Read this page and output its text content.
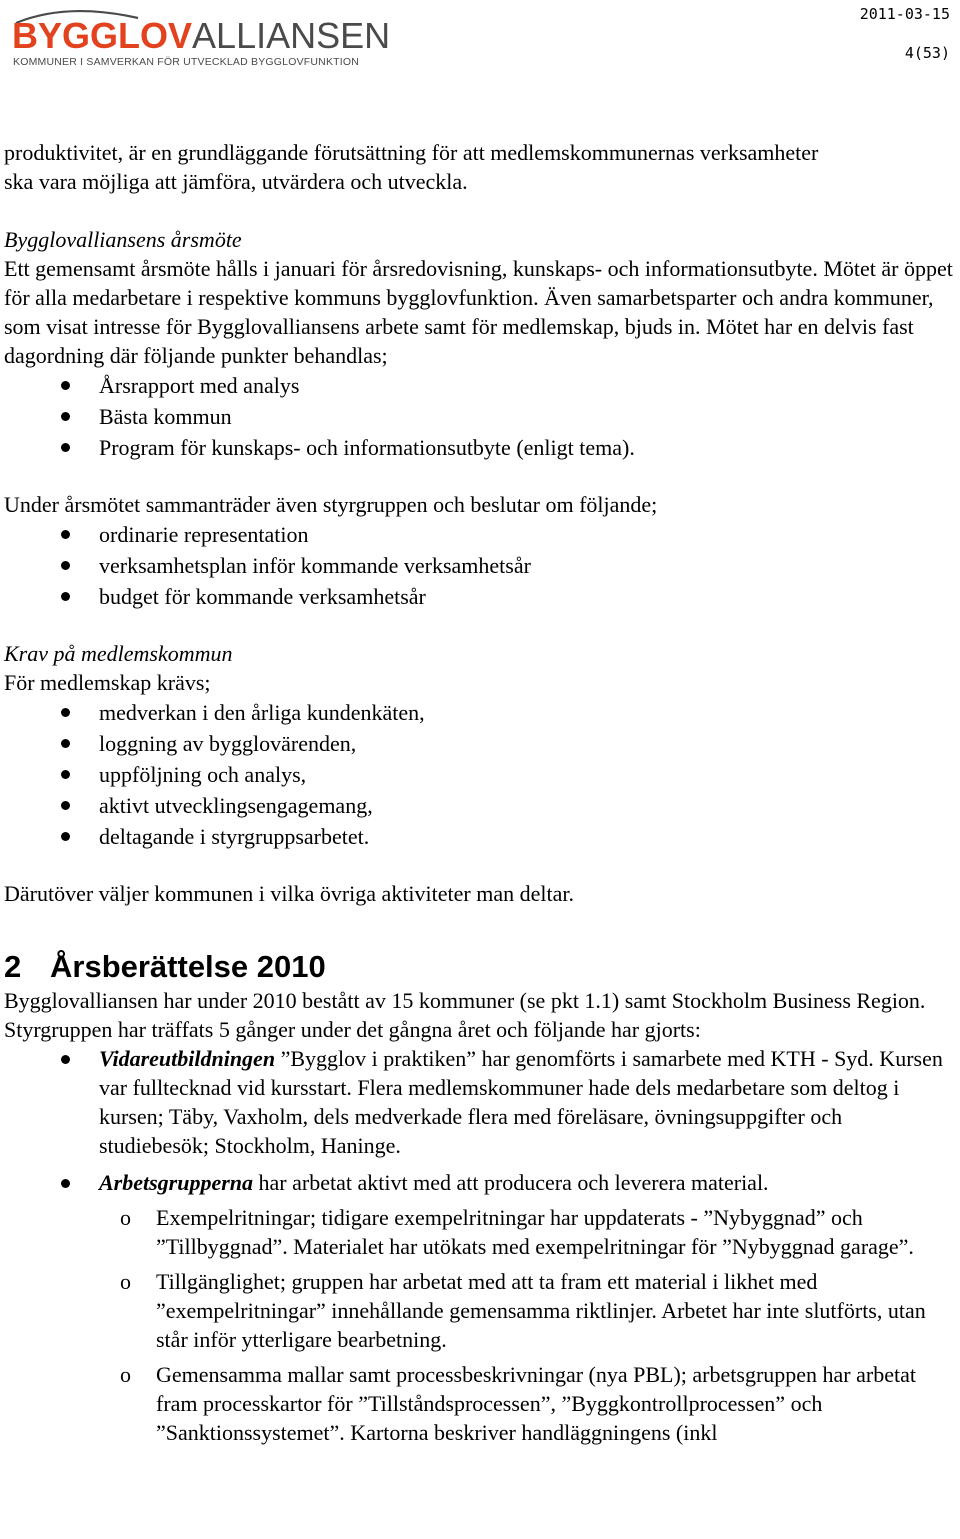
BYGGLOVALLIANSEN
KOMMUNER I SAMVERKAN FÖR UTVECKLAD BYGGLOVFUNKTION
2011-03-15
4(53)

produktivitet, är en grundläggande förutsättning för att medlemskommunernas verksamheter
ska vara möjliga att jämföra, utvärdera och utveckla.

Bygglovalliansens årsmöte

Ett gemensamt årsmöte hålls i januari för årsredovisning, kunskaps- och informationsutbyte. Mötet är öppet för alla medarbetare i respektive kommuns bygglovfunktion. Även samarbetsparter och andra kommuner, som visat intresse för Bygglovalliansens arbete samt för medlemskap, bjuds in. Mötet har en delvis fast dagordning där följande punkter behandlas;

Årsrapport med analys
Bästa kommun
Program för kunskaps- och informationsutbyte (enligt tema).

Under årsmötet sammanträder även styrgruppen och beslutar om följande;

ordinarie representation
verksamhetsplan inför kommande verksamhetsår
budget för kommande verksamhetsår

Krav på medlemskommun

För medlemskap krävs;

medverkan i den årliga kundenkäten,
loggning av bygglovärenden,
uppföljning och analys,
aktivt utvecklingsengagemang,
deltagande i styrgruppsarbetet.

Därutöver väljer kommunen i vilka övriga aktiviteter man deltar.

2 Årsberättelse 2010

Bygglovalliansen har under 2010 bestått av 15 kommuner (se pkt 1.1) samt Stockholm Business Region. Styrgruppen har träffats 5 gånger under det gångna året och följande har gjorts:

Vidareutbildningen ”Bygglov i praktiken” har genomförts i samarbete med KTH - Syd. Kursen var fulltecknad vid kursstart. Flera medlemskommuner hade dels medarbetare som deltog i kursen; Täby, Vaxholm, dels medverkade flera med föreläsare, övningsuppgifter och studiebesök; Stockholm, Haninge.
Arbetsgrupperna har arbetat aktivt med att producera och leverera material.
o Exempelritningar; tidigare exempelritningar har uppdaterats - ”Nybyggnad” och ”Tillbyggnad”. Materialet har utökats med exempelritningar för ”Nybyggnad garage”.
o Tillgänglighet; gruppen har arbetat med att ta fram ett material i likhet med ”exempelritningar” innehållande gemensamma riktlinjer. Arbetet har inte slutförts, utan står inför ytterligare bearbetning.
o Gemensamma mallar samt processbeskrivningar (nya PBL); arbetsgruppen har arbetat fram processkartor för ”Tillståndsprocessen”, ”Byggkontrollprocessen” och ”Sanktionssystemet”. Kartorna beskriver handläggningens (inkl
